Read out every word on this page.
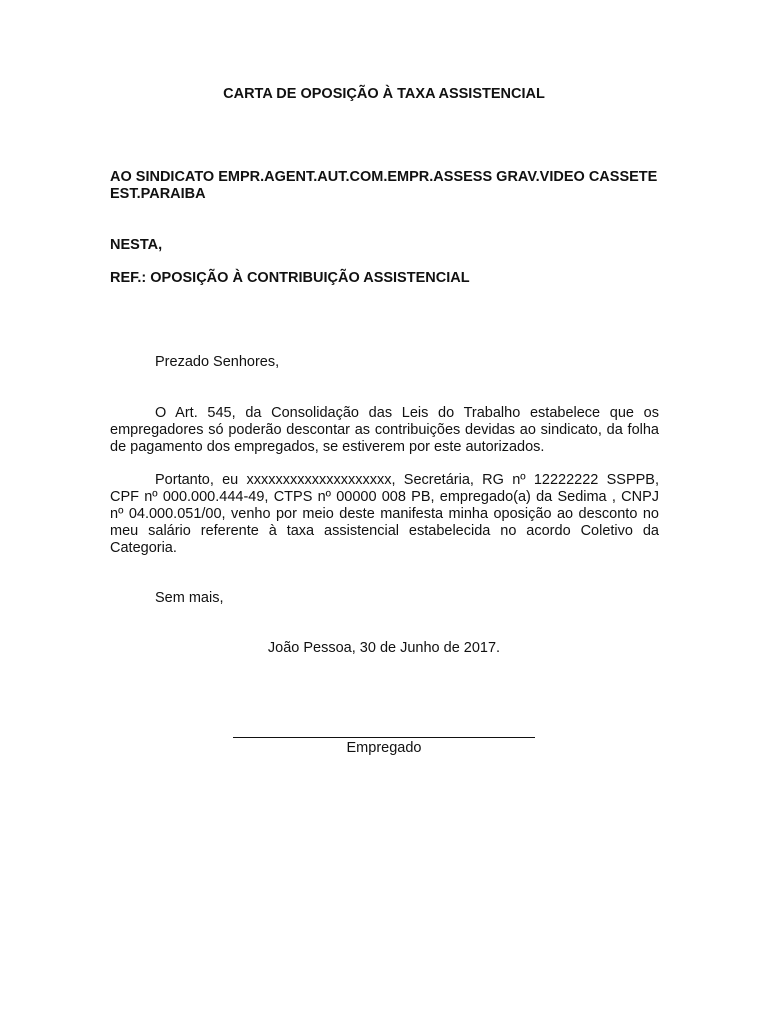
CARTA DE OPOSIÇÃO À TAXA ASSISTENCIAL

AO SINDICATO EMPR.AGENT.AUT.COM.EMPR.ASSESS GRAV.VIDEO CASSETE EST.PARAIBA

NESTA,

REF.: OPOSIÇÃO À CONTRIBUIÇÃO ASSISTENCIAL

Prezado Senhores,

O Art. 545, da Consolidação das Leis do Trabalho estabelece que os empregadores só poderão descontar as contribuições devidas ao sindicato, da folha de pagamento dos empregados, se estiverem por este autorizados.

Portanto, eu xxxxxxxxxxxxxxxxxxxx, Secretária, RG nº 12222222 SSPPB, CPF nº 000.000.444-49, CTPS nº 00000 008 PB, empregado(a) da Sedima , CNPJ nº 04.000.051/00, venho por meio deste manifesta minha oposição ao desconto no meu salário referente à taxa assistencial estabelecida no acordo Coletivo da Categoria.

Sem mais,

João Pessoa, 30 de Junho de 2017.

Empregado
